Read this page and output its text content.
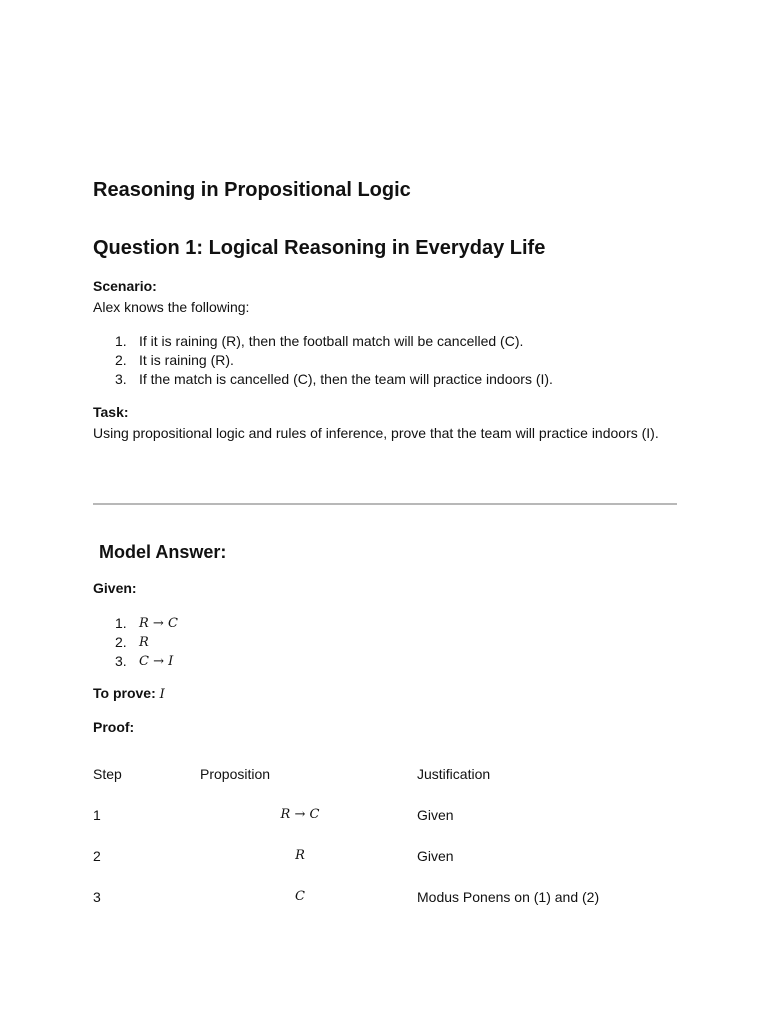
Reasoning in Propositional Logic
Question 1: Logical Reasoning in Everyday Life
Scenario:
Alex knows the following:
1. If it is raining (R), then the football match will be cancelled (C).
2. It is raining (R).
3. If the match is cancelled (C), then the team will practice indoors (I).
Task:
Using propositional logic and rules of inference, prove that the team will practice indoors (I).
Model Answer:
Given:
1. R → C
2. R
3. C → I
To prove: I
Proof:
Step	Proposition	Justification
1	R → C	Given
2	R	Given
3	C	Modus Ponens on (1) and (2)
